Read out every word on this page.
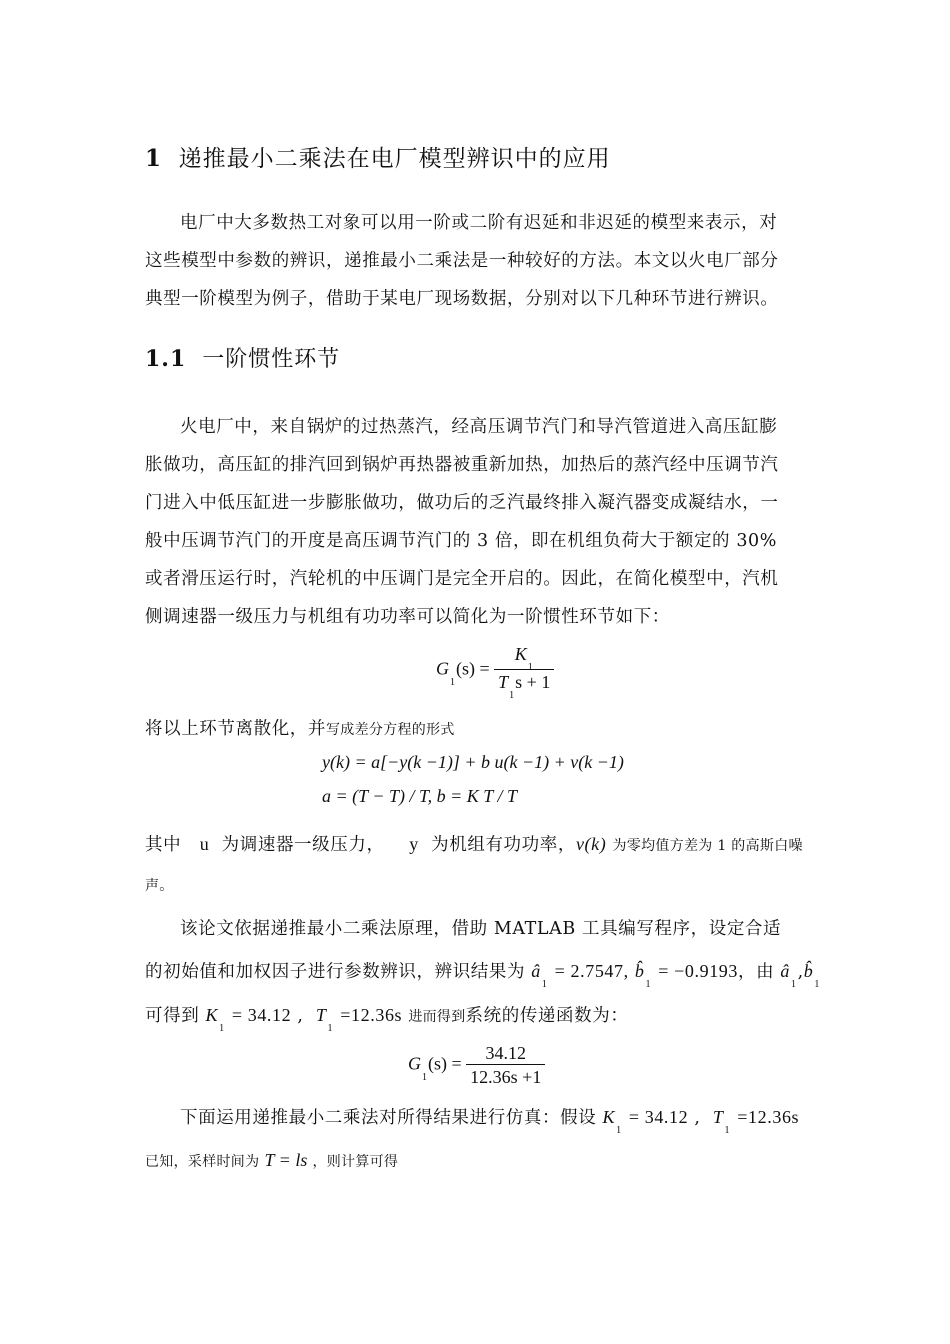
1 递推最小二乘法在电厂模型辨识中的应用
电厂中大多数热工对象可以用一阶或二阶有迟延和非迟延的模型来表示，对
这些模型中参数的辨识，递推最小二乘法是一种较好的方法。本文以火电厂部分
典型一阶模型为例子，借助于某电厂现场数据，分别对以下几种环节进行辨识。
1.1 一阶惯性环节
火电厂中，来自锅炉的过热蒸汽，经高压调节汽门和导汽管道进入高压缸膨
胀做功，高压缸的排汽回到锅炉再热器被重新加热，加热后的蒸汽经中压调节汽
门进入中低压缸进一步膨胀做功，做功后的乏汽最终排入凝汽器变成凝结水，一
般中压调节汽门的开度是高压调节汽门的 3 倍，即在机组负荷大于额定的 30%
或者滑压运行时，汽轮机的中压调门是完全开启的。因此，在简化模型中，汽机
侧调速器一级压力与机组有功功率可以简化为一阶惯性环节如下：
$G_1(s) = \frac{K_1}{T_1s + 1}$
将以上环节离散化，并写成差分方程的形式
y(k) = a[−y(k −1)] + b u(k −1) + v(k −1)
a = (T − T) / T, b = K T / T
其中 u 为调速器一级压力， y 为机组有功功率，v(k) 为零均值方差为 1 的高斯白噪
声。
该论文依据递推最小二乘法原理，借助 MATLAB 工具编写程序，设定合适
的初始值和加权因子进行参数辨识，辨识结果为 $â_1 = 2.7547$, $b̂_1 = -0.9193$，由 $â_1,b̂_1$
可得到 $K_1 = 34.12$ ,  $T_1 =12.36s$ 进而得到系统的传递函数为：
$G_1(s) = \frac{34.12}{12.36s +1}$
下面运用递推最小二乘法对所得结果进行仿真：假设 $K_1 = 34.12$ ,  $T_1 =12.36s$
已知，采样时间为 T = ls ，则计算可得
